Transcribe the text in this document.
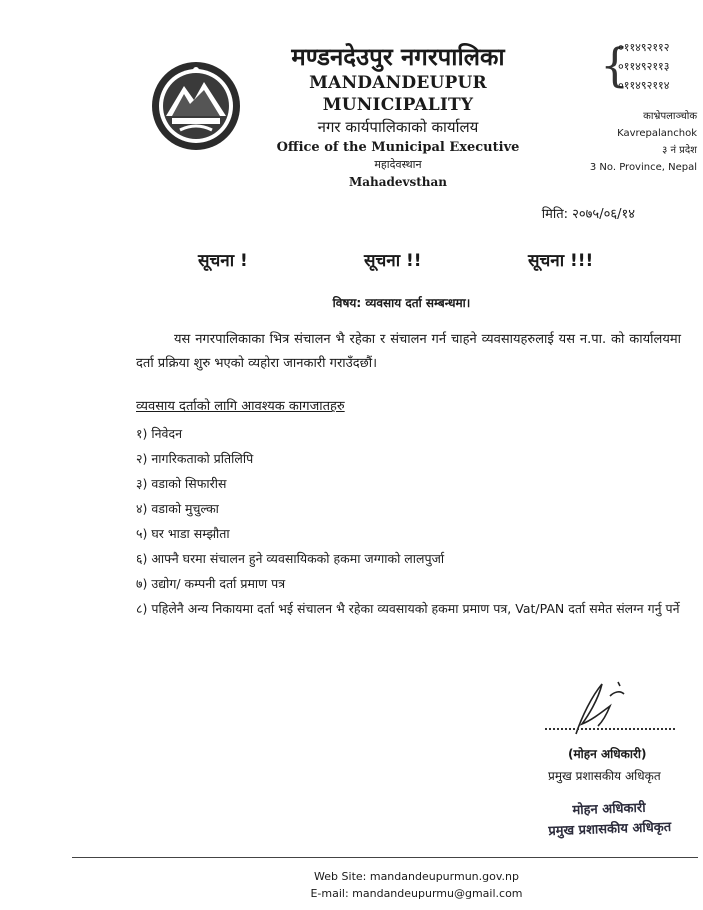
मण्डनदेउपुर नगरपालिका
MANDANDEUPUR MUNICIPALITY
नगर कार्यपालिकाको कार्यालय
Office of the Municipal Executive
महादेवस्थान
Mahadevsthan
{
०११४९२११२
०११४९२११३
०११४९२११४
काभ्रेपलाञ्चोक
Kavrepalanchok
३ नं प्रदेश
3 No. Province, Nepal
मिति: २०७५/०६/१४
सूचना !	सूचना !!	सूचना !!!
विषय: व्यवसाय दर्ता सम्बन्धमा।
यस नगरपालिकाका भित्र संचालन भै रहेका र संचालन गर्न चाहने व्यवसायहरुलाई यस न.पा. को कार्यालयमा दर्ता प्रक्रिया शुरु भएको व्यहोरा जानकारी गराउँदछौं।
व्यवसाय दर्ताको लागि आवश्यक कागजातहरु
१) निवेदन
२) नागरिकताको प्रतिलिपि
३) वडाको सिफारीस
४) वडाको मुचुल्का
५) घर भाडा सम्झौता
६) आफ्नै घरमा संचालन हुने व्यवसायिकको हकमा जग्गाको लालपुर्जा
७) उद्योग/ कम्पनी दर्ता प्रमाण पत्र
८) पहिलेनै अन्य निकायमा दर्ता भई संचालन भै रहेका व्यवसायको हकमा प्रमाण पत्र, Vat/PAN दर्ता समेत संलग्न गर्नु पर्ने
(मोहन अधिकारी)
प्रमुख प्रशासकीय अधिकृत
मोहन अधिकारी
प्रमुख प्रशासकीय अधिकृत
Web Site: mandandeupurmun.gov.np
E-mail: mandandeupurmu@gmail.com
